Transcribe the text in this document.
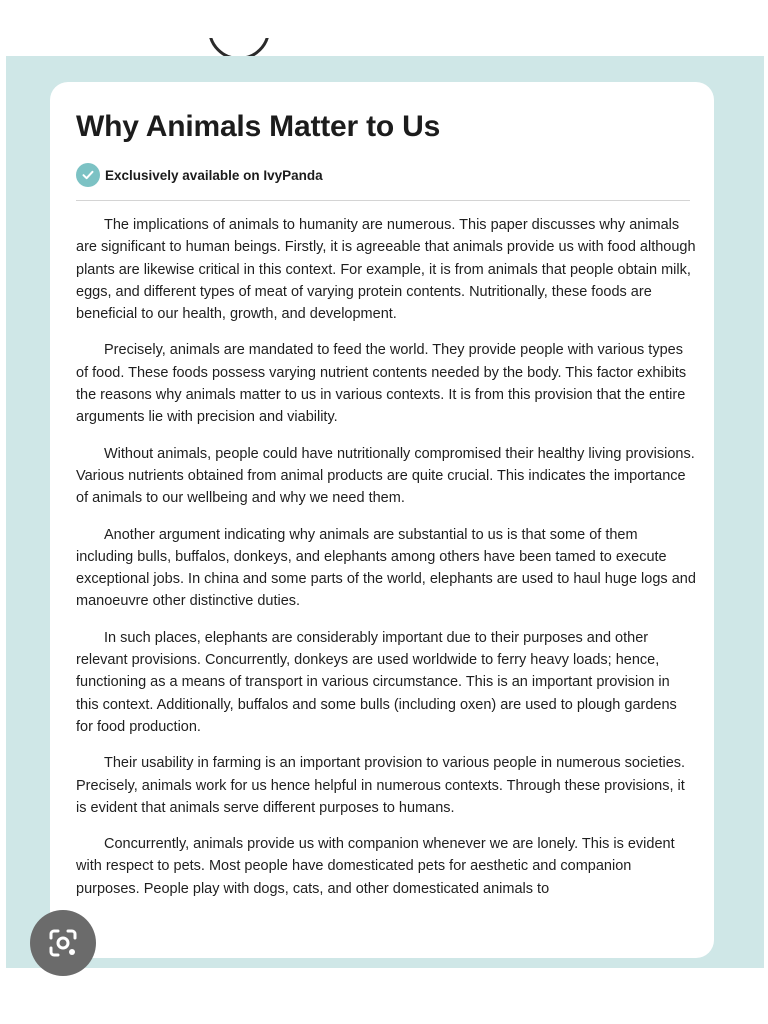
Why Animals Matter to Us
Exclusively available on IvyPanda

The implications of animals to humanity are numerous. This paper discusses why animals are significant to human beings. Firstly, it is agreeable that animals provide us with food although plants are likewise critical in this context. For example, it is from animals that people obtain milk, eggs, and different types of meat of varying protein contents. Nutritionally, these foods are beneficial to our health, growth, and development.

Precisely, animals are mandated to feed the world. They provide people with various types of food. These foods possess varying nutrient contents needed by the body. This factor exhibits the reasons why animals matter to us in various contexts. It is from this provision that the entire arguments lie with precision and viability.

Without animals, people could have nutritionally compromised their healthy living provisions. Various nutrients obtained from animal products are quite crucial. This indicates the importance of animals to our wellbeing and why we need them.

Another argument indicating why animals are substantial to us is that some of them including bulls, buffalos, donkeys, and elephants among others have been tamed to execute exceptional jobs. In china and some parts of the world, elephants are used to haul huge logs and manoeuvre other distinctive duties.

In such places, elephants are considerably important due to their purposes and other relevant provisions. Concurrently, donkeys are used worldwide to ferry heavy loads; hence, functioning as a means of transport in various circumstance. This is an important provision in this context. Additionally, buffalos and some bulls (including oxen) are used to plough gardens for food production.

Their usability in farming is an important provision to various people in numerous societies. Precisely, animals work for us hence helpful in numerous contexts. Through these provisions, it is evident that animals serve different purposes to humans.

Concurrently, animals provide us with companion whenever we are lonely. This is evident with respect to pets. Most people have domesticated pets for aesthetic and companion purposes. People play with dogs, cats, and other domesticated animals to
